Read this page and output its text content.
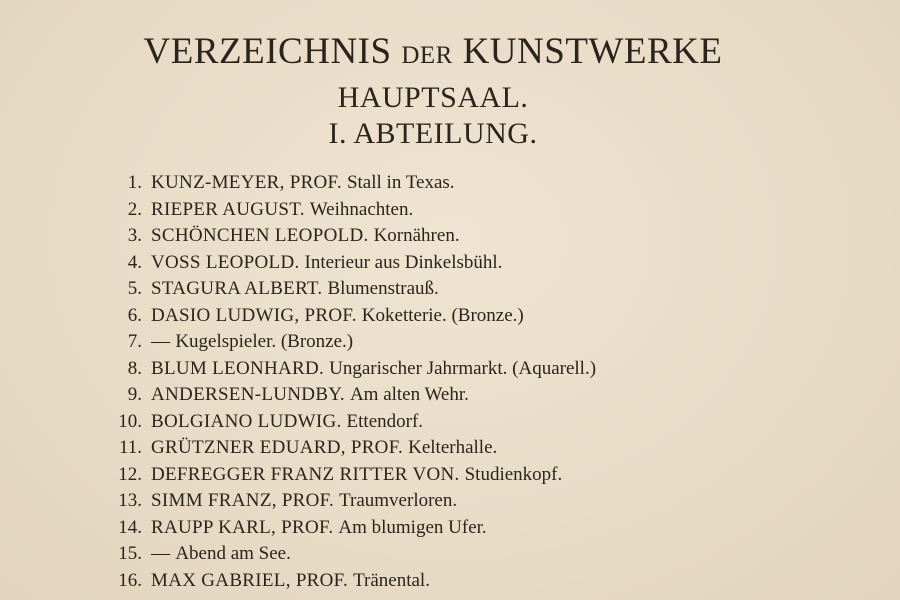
VERZEICHNIS DER KUNSTWERKE
HAUPTSAAL.
I. ABTEILUNG.
1. KUNZ-MEYER, PROF. Stall in Texas.
2. RIEPER AUGUST. Weihnachten.
3. SCHÖNCHEN LEOPOLD. Kornähren.
4. VOSS LEOPOLD. Interieur aus Dinkelsbühl.
5. STAGURA ALBERT. Blumenstrauß.
6. DASIO LUDWIG, PROF. Koketterie. (Bronze.)
7. — Kugelspieler. (Bronze.)
8. BLUM LEONHARD. Ungarischer Jahrmarkt. (Aquarell.)
9. ANDERSEN-LUNDBY. Am alten Wehr.
10. BOLGIANO LUDWIG. Ettendorf.
11. GRÜTZNER EDUARD, PROF. Kelterhalle.
12. DEFREGGER FRANZ RITTER VON. Studienkopf.
13. SIMM FRANZ, PROF. Traumverloren.
14. RAUPP KARL, PROF. Am blumigen Ufer.
15. — Abend am See.
16. MAX GABRIEL, PROF. Tränental.
